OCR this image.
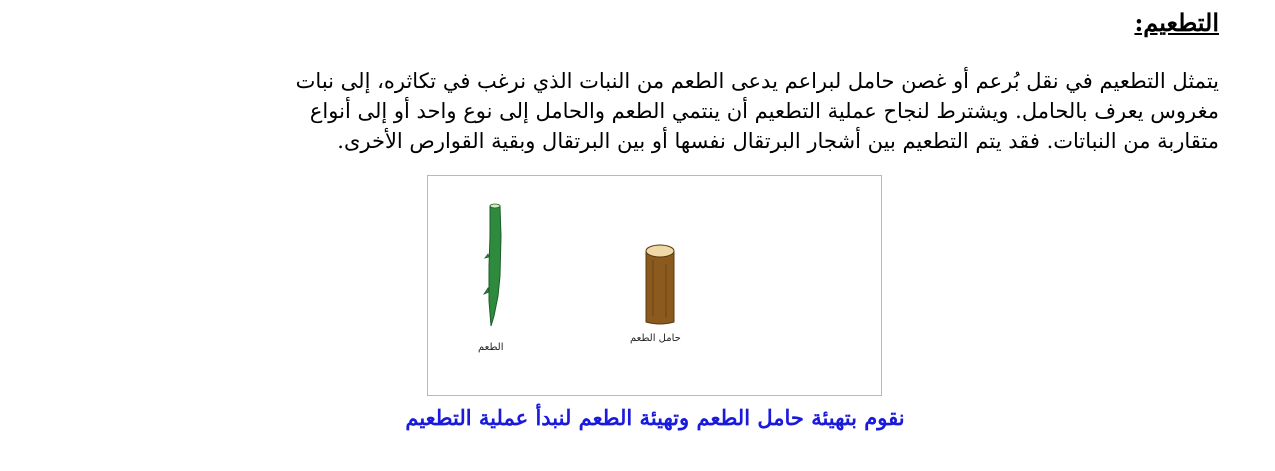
التطعيم:

يتمثل التطعيم في نقل بُرعم أو غصن حامل لبراعم يدعى الطعم من النبات الذي نرغب في تكاثره، إلى نبات
مغروس يعرف بالحامل. ويشترط لنجاح عملية التطعيم أن ينتمي الطعم والحامل إلى نوع واحد أو إلى أنواع
متقاربة من النباتات. فقد يتم التطعيم بين أشجار البرتقال نفسها أو بين البرتقال وبقية القوارص الأخرى.

الطعم
حامل الطعم
نقوم بتهيئة حامل الطعم وتهيئة الطعم لنبدأ عملية التطعيم
